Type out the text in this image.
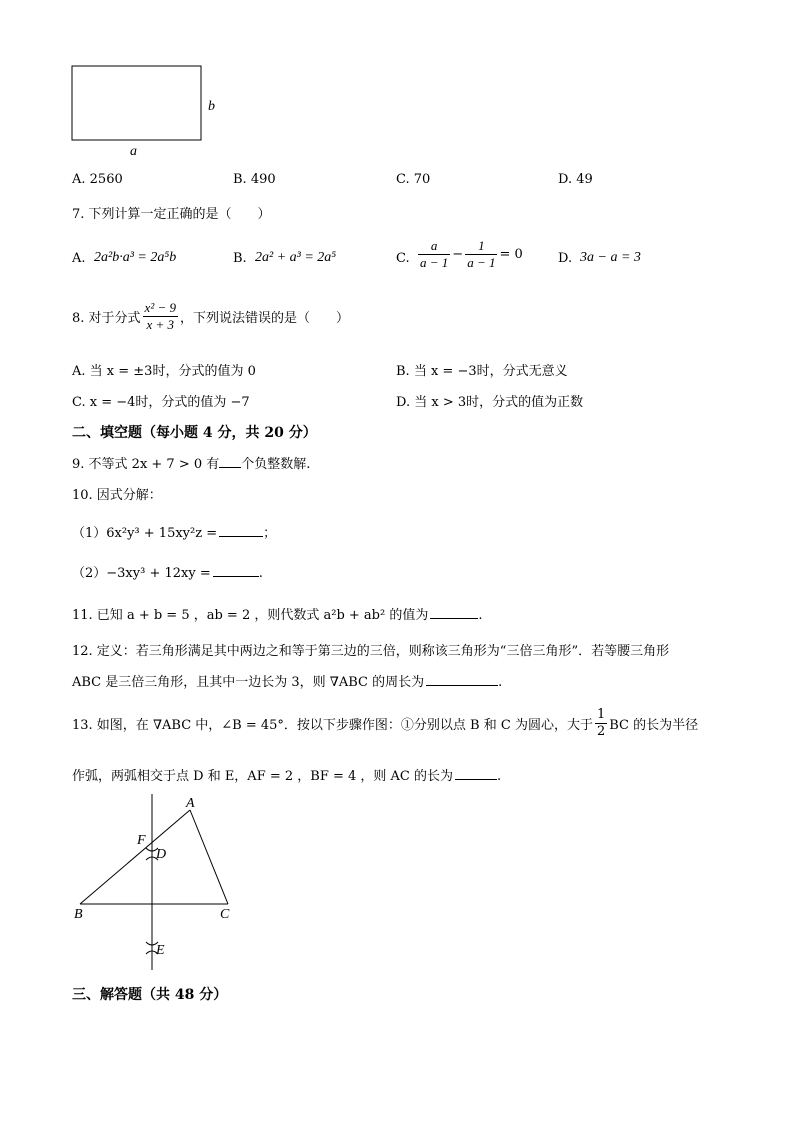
b
a
A. 2560	B. 490	C. 70	D. 49
7. 下列计算一定正确的是（　　）
A. 2a²b·a³ = 2a⁵b	B. 2a² + a³ = 2a⁵	C. $\frac{a}{a - 1} - \frac{1}{a - 1} = 0$	D. 3a − a = 3
8. 对于分式 $\frac{\text{x² − 9}}{x + 3}$ ，下列说法错误的是（　　）
A. 当 x = ±3时，分式的值为 0	B. 当 x = −3时，分式无意义
C. x = −4时，分式的值为 −7	D. 当 x > 3时，分式的值为正数
二、填空题（每小题 4 分，共 20 分）
9. 不等式 2x + 7 > 0 有 个负整数解.
10. 因式分解：
（1）6x²y³ + 15xy²z =	；
（2）−3xy³ + 12xy =	.
11. 已知 a + b = 5 ，ab = 2 ，则代数式 a²b + ab² 的值为	.
12. 定义：若三角形满足其中两边之和等于第三边的三倍，则称该三角形为“三倍三角形”．若等腰三角形
ABC 是三倍三角形，且其中一边长为 3，则 ∇ABC 的周长为	.
13. 如图，在 ∇ABC 中，∠B = 45°．按以下步骤作图：①分别以点 B 和 C 为圆心，大于 $\frac{1}{2}$ BC 的长为半径
作弧，两弧相交于点 D 和 E，AF = 2 ，BF = 4 ，则 AC 的长为	.
A
B	C
D
E
F
三、解答题（共 48 分）
